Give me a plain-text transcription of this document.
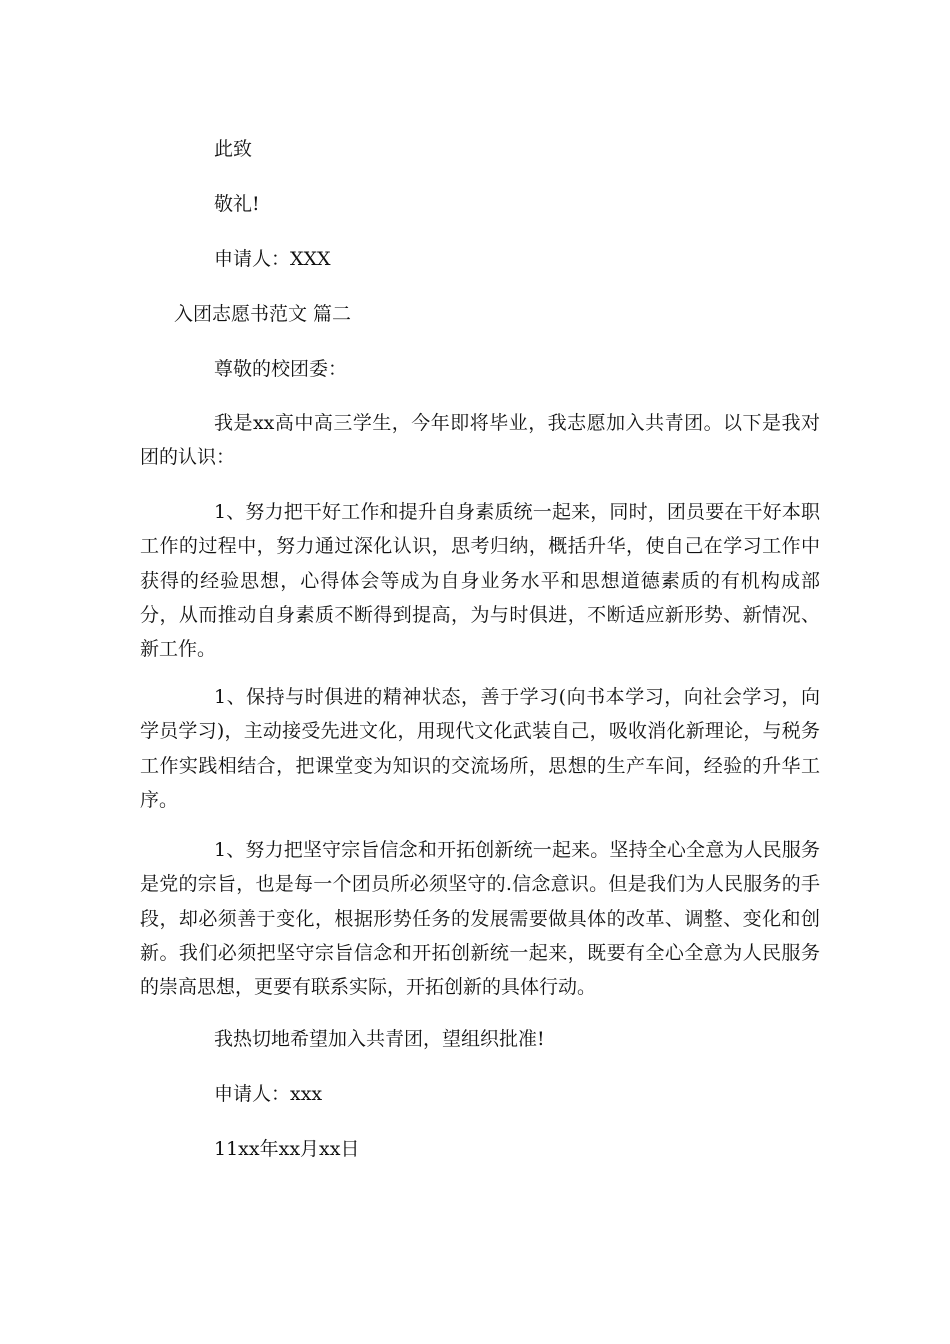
此致

敬礼!

申请人：XXX

入团志愿书范文 篇二

尊敬的校团委：

我是xx高中高三学生，今年即将毕业，我志愿加入共青团。以下是我对团的认识：

1、努力把干好工作和提升自身素质统一起来，同时，团员要在干好本职工作的过程中，努力通过深化认识，思考归纳，概括升华，使自己在学习工作中获得的经验思想，心得体会等成为自身业务水平和思想道德素质的有机构成部分，从而推动自身素质不断得到提高，为与时俱进，不断适应新形势、新情况、新工作。

1、保持与时俱进的精神状态，善于学习(向书本学习，向社会学习，向学员学习)，主动接受先进文化，用现代文化武装自己，吸收消化新理论，与税务工作实践相结合，把课堂变为知识的交流场所，思想的生产车间，经验的升华工序。

1、努力把坚守宗旨信念和开拓创新统一起来。坚持全心全意为人民服务是党的宗旨，也是每一个团员所必须坚守的.信念意识。但是我们为人民服务的手段，却必须善于变化，根据形势任务的发展需要做具体的改革、调整、变化和创新。我们必须把坚守宗旨信念和开拓创新统一起来，既要有全心全意为人民服务的崇高思想，更要有联系实际，开拓创新的具体行动。

我热切地希望加入共青团，望组织批准!

申请人：xxx

11xx年xx月xx日
